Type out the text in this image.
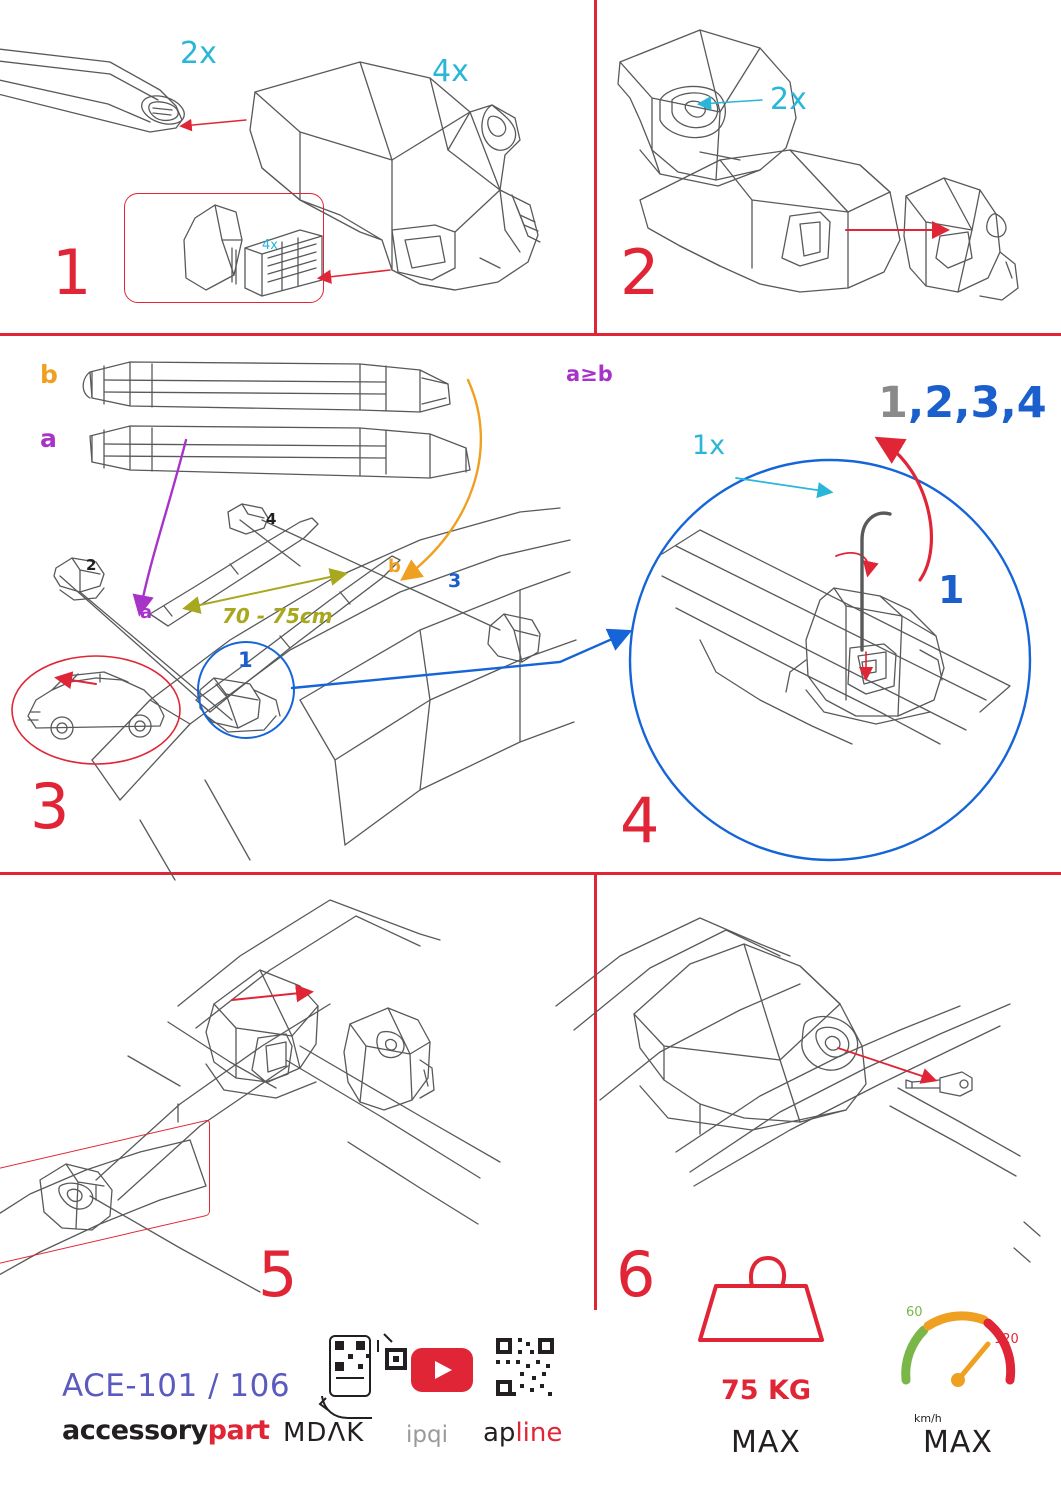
1	2
3	4
5	6
2x
4x
4x
2x
b
a
a
b
70 - 75cm
1
2
3
4
a≥b
1x
1
1,2,3,4
ACE-101 / 106
accessorypart MDΛK ipqi apline
75 KG
MAX
60
120
km/h
MAX
